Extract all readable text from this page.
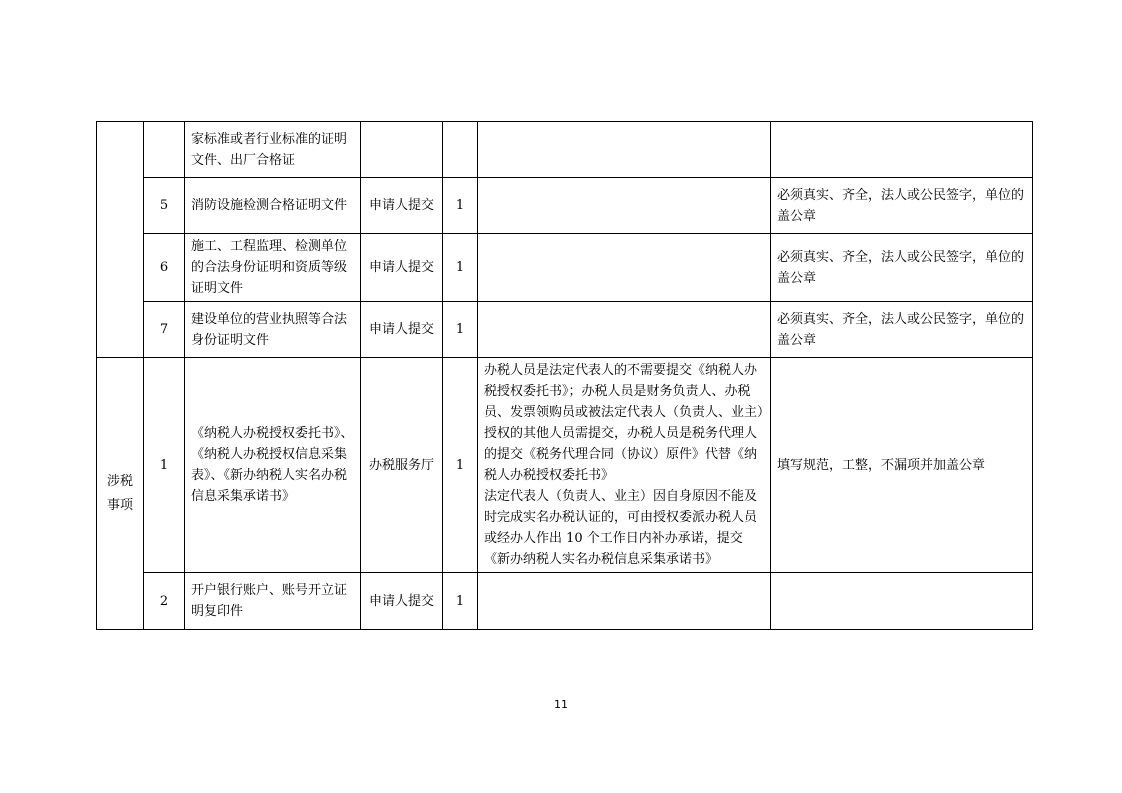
		家标准或者行业标准的证明文件、出厂合格证				
	5	消防设施检测合格证明文件	申请人提交	1		必须真实、齐全，法人或公民签字，单位的盖公章
	6	施工、工程监理、检测单位的合法身份证明和资质等级证明文件	申请人提交	1		必须真实、齐全，法人或公民签字，单位的盖公章
	7	建设单位的营业执照等合法身份证明文件	申请人提交	1		必须真实、齐全，法人或公民签字，单位的盖公章
涉税事项	1	《纳税人办税授权委托书》、《纳税人办税授权信息采集表》、《新办纳税人实名办税信息采集承诺书》	办税服务厅	1	办税人员是法定代表人的不需要提交《纳税人办税授权委托书》；办税人员是财务负责人、办税员、发票领购员或被法定代表人（负责人、业主）授权的其他人员需提交，办税人员是税务代理人的提交《税务代理合同（协议）原件》代替《纳税人办税授权委托书》
法定代表人（负责人、业主）因自身原因不能及时完成实名办税认证的，可由授权委派办税人员或经办人作出 10 个工作日内补办承诺，提交《新办纳税人实名办税信息采集承诺书》	填写规范，工整，不漏项并加盖公章
	2	开户银行账户、账号开立证明复印件	申请人提交	1		
11
